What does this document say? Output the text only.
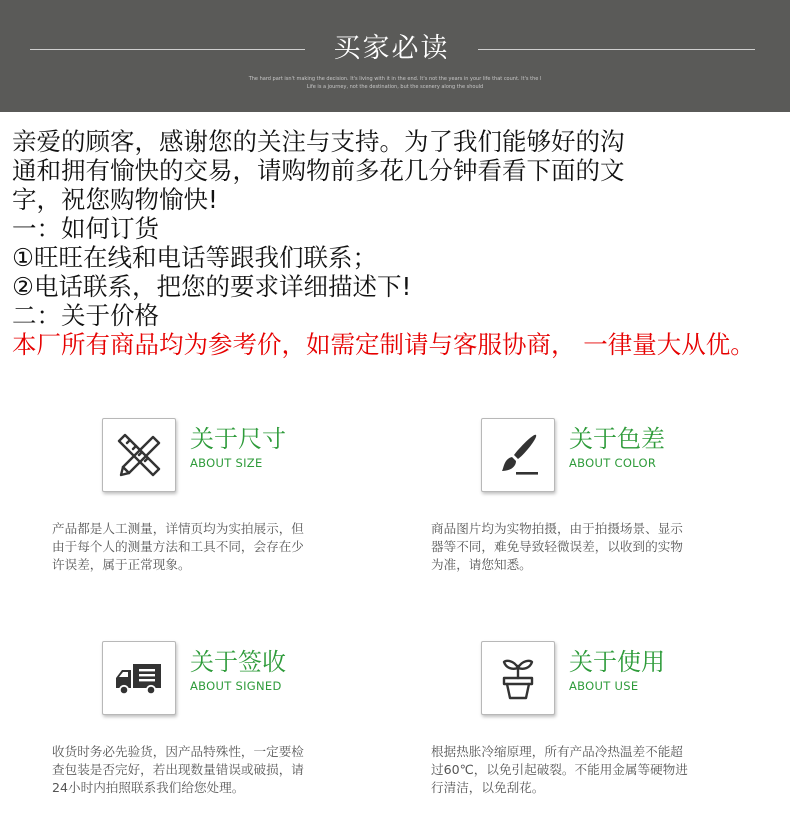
买家必读
The hard part isn't making the decision. It's living with it in the end. It's not the years in your life that count. It's the l
Life is a journey, not the destination, but the scenery along the should

亲爱的顾客，感谢您的关注与支持。为了我们能够好的沟

通和拥有愉快的交易，请购物前多花几分钟看看下面的文

字，祝您购物愉快!

一：如何订货

①旺旺在线和电话等跟我们联系；

②电话联系，把您的要求详细描述下!

二：关于价格

本厂所有商品均为参考价，如需定制请与客服协商， 一律量大从优。

关于尺寸
ABOUT SIZE

产品都是人工测量，详情页均为实拍展示，但

由于每个人的测量方法和工具不同，会存在少

许误差，属于正常现象。

关于色差
ABOUT COLOR

商品图片均为实物拍摄，由于拍摄场景、显示

器等不同，难免导致轻微误差，以收到的实物

为准，请您知悉。

关于签收
ABOUT SIGNED

收货时务必先验货，因产品特殊性，一定要检

查包装是否完好，若出现数量错误或破损，请

24小时内拍照联系我们给您处理。

关于使用
ABOUT USE

根据热胀冷缩原理，所有产品冷热温差不能超

过60℃，以免引起破裂。不能用金属等硬物进

行清洁，以免刮花。
